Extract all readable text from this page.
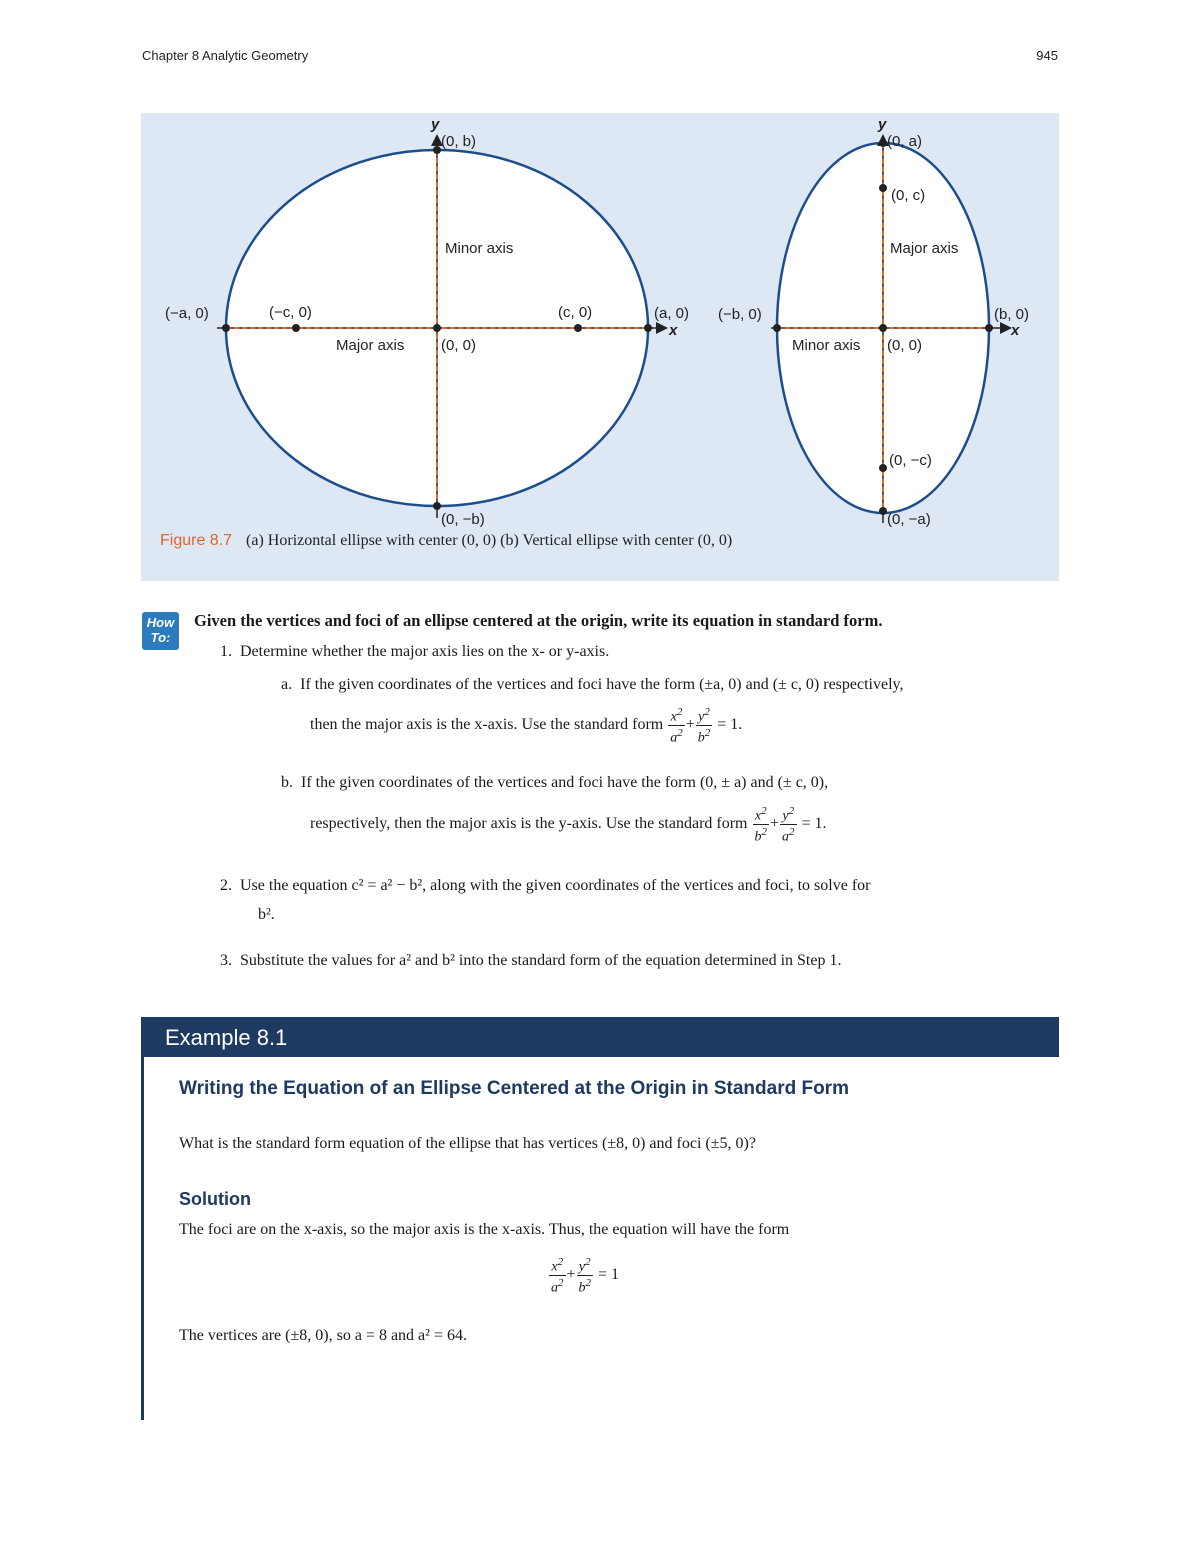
Chapter 8 Analytic Geometry	945
y
x
(0, b)
(0, −b)
(−a, 0)	(−c, 0)	(c, 0)	(a, 0)
(0, 0)
Minor axis
Major axis
y
x
(0, a)
(0, c)
Major axis
(−b, 0)	(b, 0)
Minor axis (0, 0)
(0, −c)
(0, −a)
Figure 8.7 (a) Horizontal ellipse with center (0, 0) (b) Vertical ellipse with center (0, 0)
How
To:
Given the vertices and foci of an ellipse centered at the origin, write its equation in standard form.
1. Determine whether the major axis lies on the x- or y-axis.
a. If the given coordinates of the vertices and foci have the form (±a, 0) and (± c, 0) respectively,
then the major axis is the x-axis. Use the standard form $\frac{x^2}{a^2} + \frac{y^2}{b^2} = 1$.
b. If the given coordinates of the vertices and foci have the form (0, ± a) and (± c, 0),
respectively, then the major axis is the y-axis. Use the standard form $\frac{x^2}{b^2} + \frac{y^2}{a^2} = 1$.
2. Use the equation c² = a² − b², along with the given coordinates of the vertices and foci, to solve for
b².
3. Substitute the values for a² and b² into the standard form of the equation determined in Step 1.
Example 8.1
Writing the Equation of an Ellipse Centered at the Origin in Standard Form
What is the standard form equation of the ellipse that has vertices (±8, 0) and foci (±5, 0)?
Solution
The foci are on the x-axis, so the major axis is the x-axis. Thus, the equation will have the form
$\frac{x^2}{a^2} + \frac{y^2}{b^2} = 1$
The vertices are (±8, 0), so a = 8 and a² = 64.
